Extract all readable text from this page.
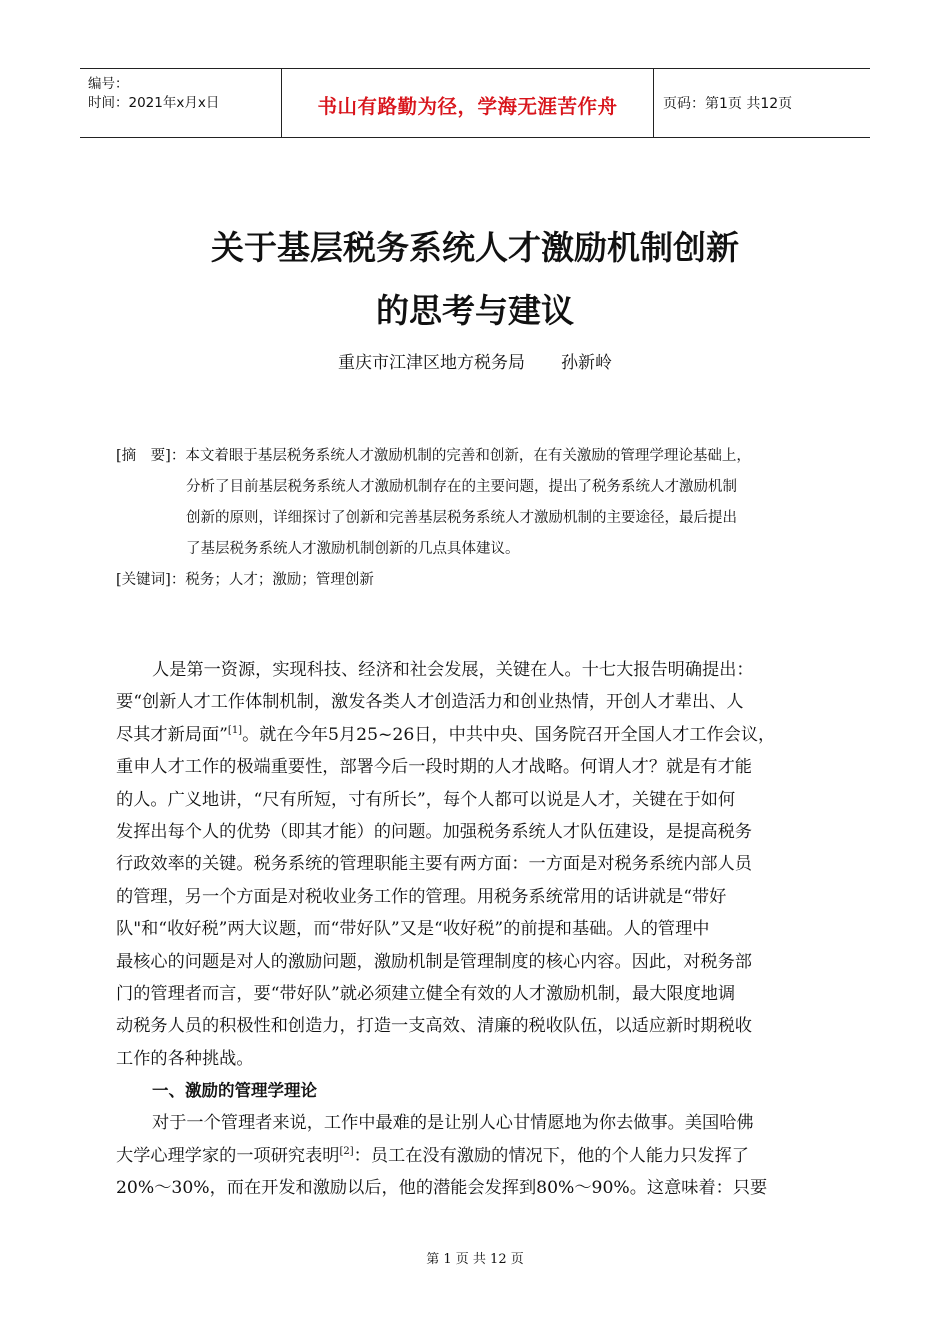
编号：
时间：2021年x月x日	书山有路勤为径，学海无涯苦作舟	页码：第1页 共12页
关于基层税务系统人才激励机制创新
的思考与建议
重庆市江津区地方税务局 孙新岭
[摘　要]：本文着眼于基层税务系统人才激励机制的完善和创新，在有关激励的管理学理论基础上，
分析了目前基层税务系统人才激励机制存在的主要问题，提出了税务系统人才激励机制
创新的原则，详细探讨了创新和完善基层税务系统人才激励机制的主要途径，最后提出
了基层税务系统人才激励机制创新的几点具体建议。
[关键词]：税务；人才；激励；管理创新
人是第一资源，实现科技、经济和社会发展，关键在人。十七大报告明确提出：
要“创新人才工作体制机制，激发各类人才创造活力和创业热情，开创人才辈出、人
尽其才新局面”[1]。就在今年5月25~26日，中共中央、国务院召开全国人才工作会议，
重申人才工作的极端重要性，部署今后一段时期的人才战略。何谓人才？就是有才能
的人。广义地讲，“尺有所短，寸有所长”，每个人都可以说是人才，关键在于如何
发挥出每个人的优势（即其才能）的问题。加强税务系统人才队伍建设，是提高税务
行政效率的关键。税务系统的管理职能主要有两方面：一方面是对税务系统内部人员
的管理，另一个方面是对税收业务工作的管理。用税务系统常用的话讲就是“带好
队"和“收好税”两大议题，而“带好队”又是“收好税”的前提和基础。人的管理中
最核心的问题是对人的激励问题，激励机制是管理制度的核心内容。因此，对税务部
门的管理者而言，要“带好队”就必须建立健全有效的人才激励机制，最大限度地调
动税务人员的积极性和创造力，打造一支高效、清廉的税收队伍，以适应新时期税收
工作的各种挑战。
一、激励的管理学理论
对于一个管理者来说，工作中最难的是让别人心甘情愿地为你去做事。美国哈佛
大学心理学家的一项研究表明[2]：员工在没有激励的情况下，他的个人能力只发挥了
20%～30%，而在开发和激励以后，他的潜能会发挥到80%～90%。这意味着：只要
第 1 页 共 12 页
